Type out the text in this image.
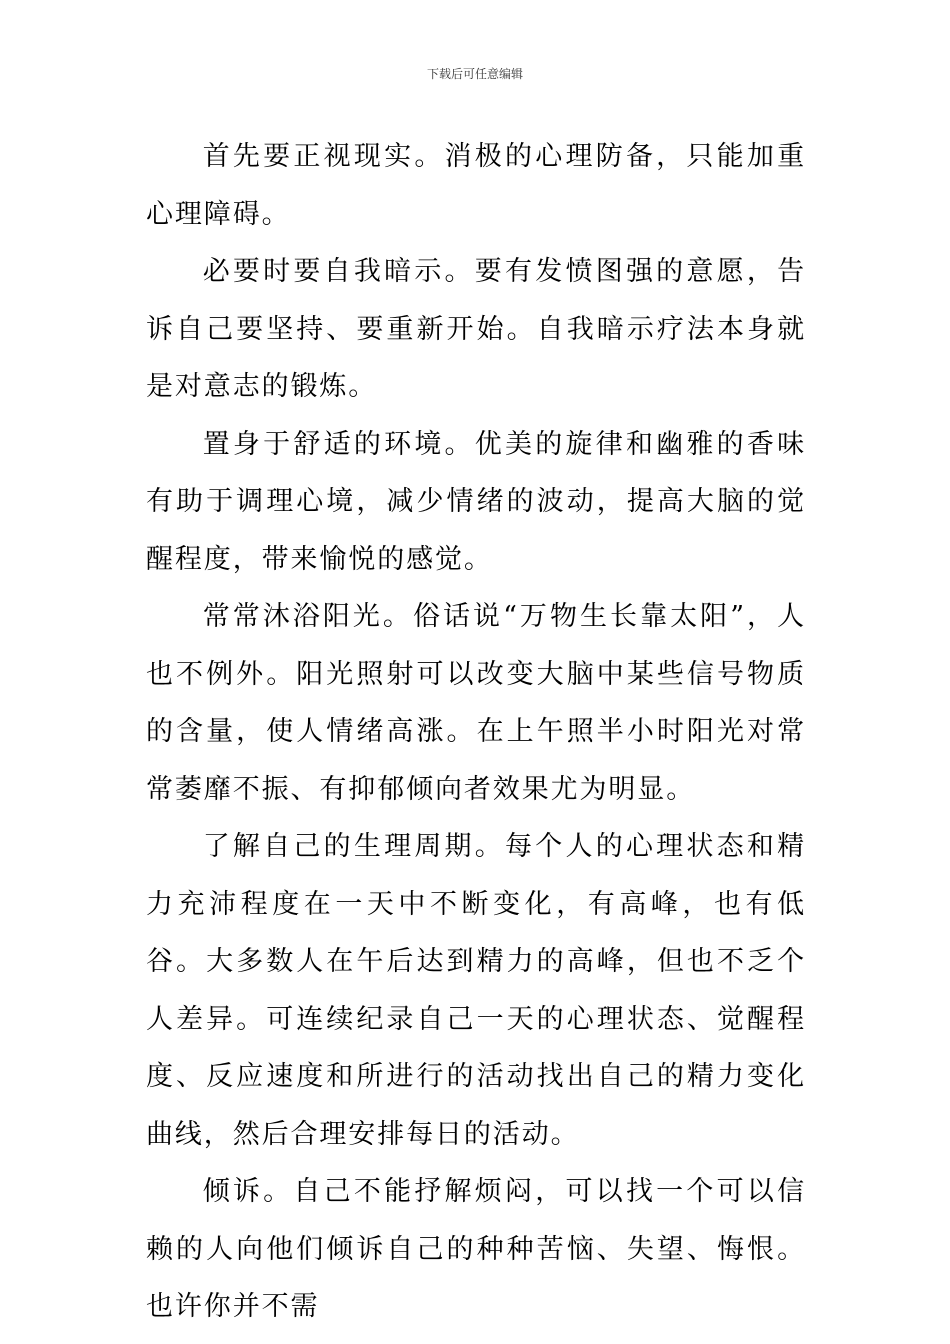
下载后可任意编辑

首先要正视现实。消极的心理防备，只能加重心理障碍。

必要时要自我暗示。要有发愤图强的意愿，告诉自己要坚持、要重新开始。自我暗示疗法本身就是对意志的锻炼。

置身于舒适的环境。优美的旋律和幽雅的香味有助于调理心境，减少情绪的波动，提高大脑的觉醒程度，带来愉悦的感觉。

常常沐浴阳光。俗话说“万物生长靠太阳”，人也不例外。阳光照射可以改变大脑中某些信号物质的含量，使人情绪高涨。在上午照半小时阳光对常常萎靡不振、有抑郁倾向者效果尤为明显。

了解自己的生理周期。每个人的心理状态和精力充沛程度在一天中不断变化，有高峰，也有低谷。大多数人在午后达到精力的高峰，但也不乏个人差异。可连续纪录自己一天的心理状态、觉醒程度、反应速度和所进行的活动找出自己的精力变化曲线，然后合理安排每日的活动。

倾诉。自己不能抒解烦闷，可以找一个可以信赖的人向他们倾诉自己的种种苦恼、失望、悔恨。也许你并不需
